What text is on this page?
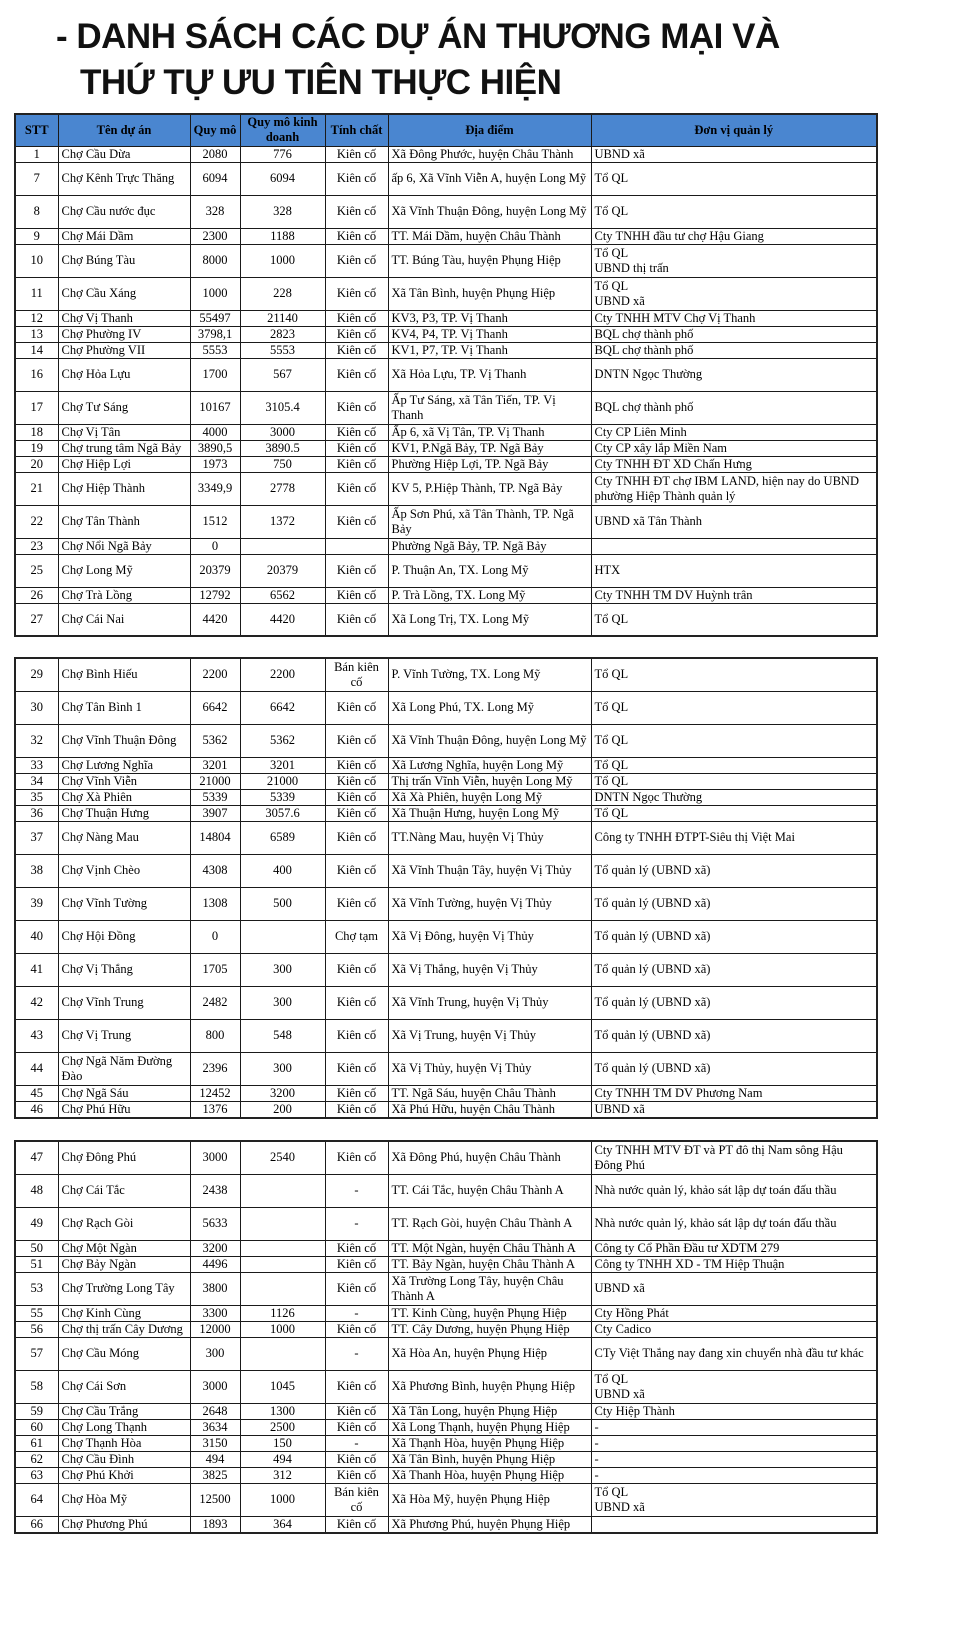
- DANH SÁCH CÁC DỰ ÁN THƯƠNG MẠI VÀ
THỨ TỰ ƯU TIÊN THỰC HIỆN
STT	Tên dự án	Quy mô	Quy mô kinh doanh	Tính chất	Địa điểm	Đơn vị quản lý
1	Chợ Cầu Dừa	2080	776	Kiên cố	Xã Đông Phước, huyện Châu Thành	UBND xã
7	Chợ Kênh Trực Thăng	6094	6094	Kiên cố	ấp 6, Xã Vĩnh Viễn A, huyện Long Mỹ	Tổ QL
8	Chợ Cầu nước đục	328	328	Kiên cố	Xã Vĩnh Thuận Đông, huyện Long Mỹ	Tổ QL
9	Chợ Mái Dầm	2300	1188	Kiên cố	TT. Mái Dầm, huyện Châu Thành	Cty TNHH đầu tư chợ Hậu Giang
10	Chợ Búng Tàu	8000	1000	Kiên cố	TT. Búng Tàu, huyện Phụng Hiệp	Tổ QL
UBND thị trấn
11	Chợ Cầu Xáng	1000	228	Kiên cố	Xã Tân Bình, huyện Phụng Hiệp	Tổ QL
UBND xã
12	Chợ Vị Thanh	55497	21140	Kiên cố	KV3, P3, TP. Vị Thanh	Cty TNHH MTV Chợ Vị Thanh
13	Chợ Phường IV	3798,1	2823	Kiên cố	KV4, P4, TP. Vị Thanh	BQL chợ thành phố
14	Chợ Phường VII	5553	5553	Kiên cố	KV1, P7, TP. Vị Thanh	BQL chợ thành phố
16	Chợ Hỏa Lựu	1700	567	Kiên cố	Xã Hỏa Lựu, TP. Vị Thanh	DNTN Ngọc Thường
17	Chợ Tư Sáng	10167	3105.4	Kiên cố	Ấp Tư Sáng, xã Tân Tiến, TP. Vị Thanh	BQL chợ thành phố
18	Chợ Vị Tân	4000	3000	Kiên cố	Ấp 6, xã Vị Tân, TP. Vị Thanh	Cty CP Liên Minh
19	Chợ trung tâm Ngã Bảy	3890,5	3890.5	Kiên cố	KV1, P.Ngã Bảy, TP. Ngã Bảy	Cty CP xây lắp Miền Nam
20	Chợ Hiệp Lợi	1973	750	Kiên cố	Phường Hiệp Lợi, TP. Ngã Bảy	Cty TNHH ĐT XD Chấn Hưng
21	Chợ Hiệp Thành	3349,9	2778	Kiên cố	KV 5, P.Hiệp Thành, TP. Ngã Bảy	Cty TNHH ĐT chợ IBM LAND, hiện nay do UBND phường Hiệp Thành quản lý
22	Chợ Tân Thành	1512	1372	Kiên cố	Ấp Sơn Phú, xã Tân Thành, TP. Ngã Bảy	UBND xã Tân Thành
23	Chợ Nổi Ngã Bảy	0			Phường Ngã Bảy, TP. Ngã Bảy	
25	Chợ Long Mỹ	20379	20379	Kiên cố	P. Thuận An, TX. Long Mỹ	HTX
26	Chợ Trà Lồng	12792	6562	Kiên cố	P. Trà Lồng, TX. Long Mỹ	Cty TNHH TM DV Huỳnh trân
27	Chợ Cái Nai	4420	4420	Kiên cố	Xã Long Trị, TX. Long Mỹ	Tổ QL
29	Chợ Bình Hiếu	2200	2200	Bán kiên cố	P. Vĩnh Tường, TX. Long Mỹ	Tổ QL
30	Chợ Tân Bình 1	6642	6642	Kiên cố	Xã Long Phú, TX. Long Mỹ	Tổ QL
32	Chợ Vĩnh Thuận Đông	5362	5362	Kiên cố	Xã Vĩnh Thuận Đông, huyện Long Mỹ	Tổ QL
33	Chợ Lương Nghĩa	3201	3201	Kiên cố	Xã Lương Nghĩa, huyện Long Mỹ	Tổ QL
34	Chợ Vĩnh Viễn	21000	21000	Kiên cố	Thị trấn Vĩnh Viễn, huyện Long Mỹ	Tổ QL
35	Chợ Xà Phiên	5339	5339	Kiên cố	Xã Xà Phiên, huyện Long Mỹ	DNTN Ngọc Thường
36	Chợ Thuận Hưng	3907	3057.6	Kiên cố	Xã Thuận Hưng, huyện Long Mỹ	Tổ QL
37	Chợ Nàng Mau	14804	6589	Kiên cố	TT.Nàng Mau, huyện Vị Thủy	Công ty TNHH ĐTPT-Siêu thị Việt Mai
38	Chợ Vịnh Chèo	4308	400	Kiên cố	Xã Vĩnh Thuận Tây, huyện Vị Thủy	Tổ quản lý (UBND xã)
39	Chợ Vĩnh Tường	1308	500	Kiên cố	Xã Vĩnh Tường, huyện Vị Thủy	Tổ quản lý (UBND xã)
40	Chợ Hội Đồng	0		Chợ tạm	Xã Vị Đông, huyện Vị Thủy	Tổ quản lý (UBND xã)
41	Chợ Vị Thắng	1705	300	Kiên cố	Xã Vị Thắng, huyện Vị Thủy	Tổ quản lý (UBND xã)
42	Chợ Vĩnh Trung	2482	300	Kiên cố	Xã Vĩnh Trung, huyện Vị Thủy	Tổ quản lý (UBND xã)
43	Chợ Vị Trung	800	548	Kiên cố	Xã Vị Trung, huyện Vị Thủy	Tổ quản lý (UBND xã)
44	Chợ Ngã Năm Đường Đào	2396	300	Kiên cố	Xã Vị Thủy, huyện Vị Thủy	Tổ quản lý (UBND xã)
45	Chợ Ngã Sáu	12452	3200	Kiên cố	TT. Ngã Sáu, huyện Châu Thành	Cty TNHH TM DV Phương Nam
46	Chợ Phú Hữu	1376	200	Kiên cố	Xã Phú Hữu, huyện Châu Thành	UBND xã
47	Chợ Đông Phú	3000	2540	Kiên cố	Xã Đông Phú, huyện Châu Thành	Cty TNHH MTV ĐT và PT đô thị Nam sông Hậu Đông Phú
48	Chợ Cái Tắc	2438		-	TT. Cái Tắc, huyện Châu Thành A	Nhà nước quản lý, khảo sát lập dự toán đấu thầu
49	Chợ Rạch Gòi	5633		-	TT. Rạch Gòi, huyện Châu Thành A	Nhà nước quản lý, khảo sát lập dự toán đấu thầu
50	Chợ Một Ngàn	3200		Kiên cố	TT. Một Ngàn, huyện Châu Thành A	Công ty Cổ Phần Đầu tư XDTM 279
51	Chợ Bảy Ngàn	4496		Kiên cố	TT. Bảy Ngàn, huyện Châu Thành A	Công ty TNHH XD - TM Hiệp Thuận
53	Chợ Trường Long Tây	3800		Kiên cố	Xã Trường Long Tây, huyện Châu Thành A	UBND xã
55	Chợ Kinh Cùng	3300	1126	-	TT. Kinh Cùng, huyện Phụng Hiệp	Cty Hồng Phát
56	Chợ thị trấn Cây Dương	12000	1000	Kiên cố	TT. Cây Dương, huyện Phụng Hiệp	Cty Cadico
57	Chợ Cầu Móng	300		-	Xã Hòa An, huyện Phụng Hiệp	CTy Việt Thắng nay đang xin chuyển nhà đầu tư khác
58	Chợ Cái Sơn	3000	1045	Kiên cố	Xã Phương Bình, huyện Phụng Hiệp	Tổ QL
UBND xã
59	Chợ Cầu Trắng	2648	1300	Kiên cố	Xã Tân Long, huyện Phụng Hiệp	Cty Hiệp Thành
60	Chợ Long Thạnh	3634	2500	Kiên cố	Xã Long Thạnh, huyện Phụng Hiệp	-
61	Chợ Thạnh Hòa	3150	150	-	Xã Thạnh Hòa, huyện Phụng Hiệp	-
62	Chợ Cầu Đình	494	494	Kiên cố	Xã Tân Bình, huyện Phụng Hiệp	-
63	Chợ Phú Khởi	3825	312	Kiên cố	Xã Thanh Hòa, huyện Phụng Hiệp	-
64	Chợ Hòa Mỹ	12500	1000	Bán kiên cố	Xã Hòa Mỹ, huyện Phụng Hiệp	Tổ QL
UBND xã
66	Chợ Phương Phú	1893	364	Kiên cố	Xã Phương Phú, huyện Phụng Hiệp	
